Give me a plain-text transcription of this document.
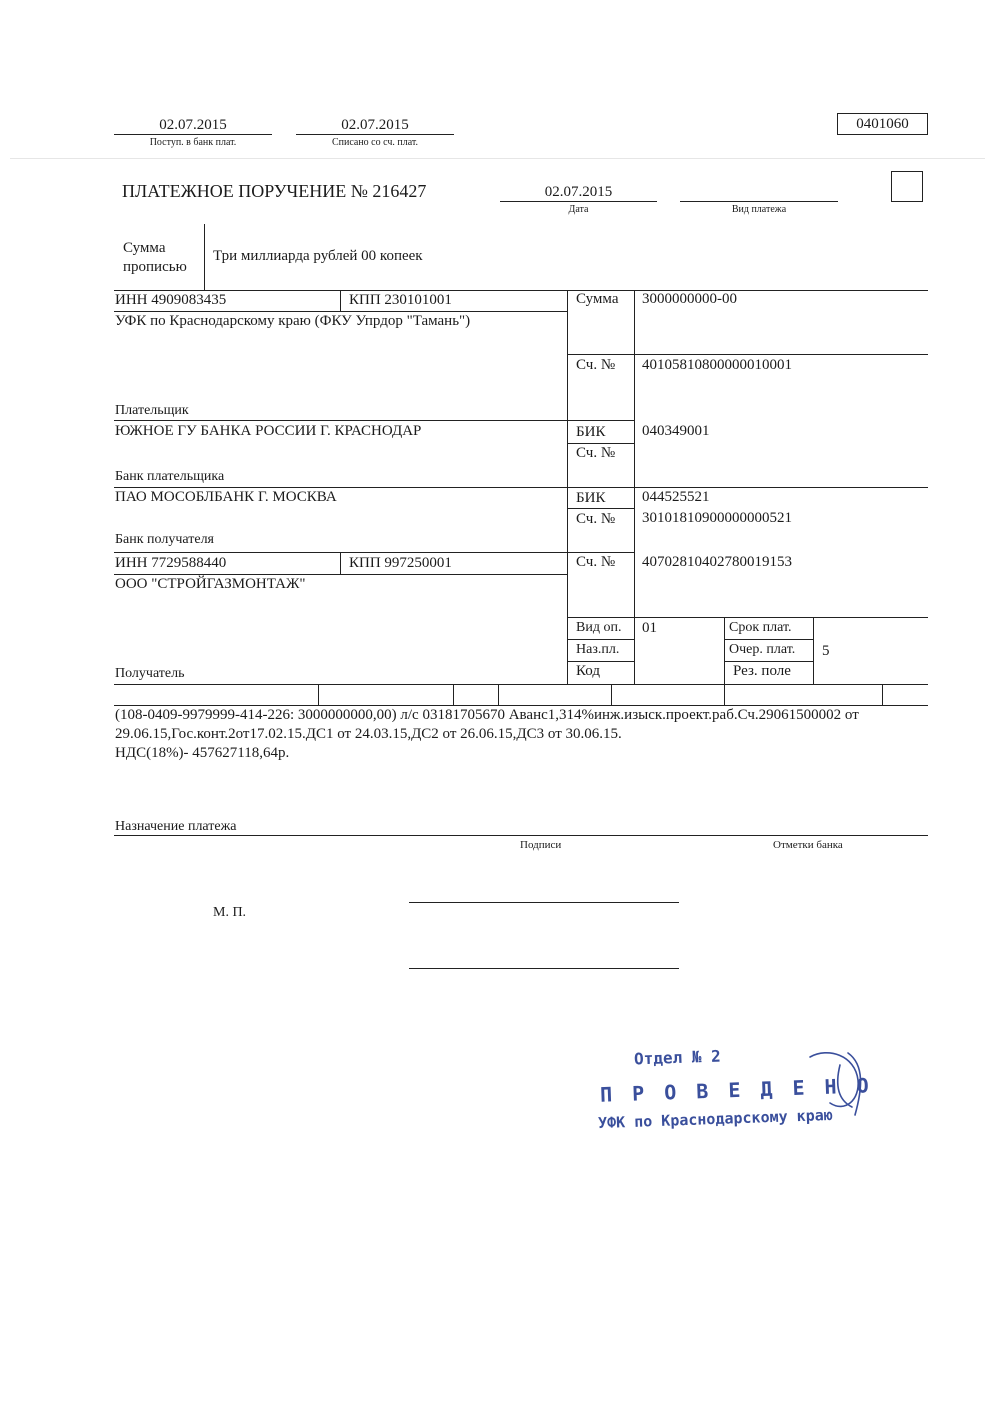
02.07.2015
Поступ. в банк плат.
02.07.2015
Списано со сч. плат.
0401060
ПЛАТЕЖНОЕ ПОРУЧЕНИЕ № 216427	02.07.2015
Дата	Вид платежа
Сумма прописью
Три миллиарда рублей 00 копеек
ИНН 4909083435	КПП 230101001
УФК по Краснодарскому краю (ФКУ Упрдор "Тамань")
Плательщик
Сумма 3000000000-00
Сч. № 40105810800000010001
ЮЖНОЕ ГУ БАНКА РОССИИ Г. КРАСНОДАР
Банк плательщика
БИК 040349001
Сч. №
ПАО МОСОБЛБАНК Г. МОСКВА
Банк получателя
БИК 044525521
Сч. № 30101810900000000521
ИНН 7729588440	КПП 997250001
ООО "СТРОЙГАЗМОНТАЖ"
Получатель
Сч. № 40702810402780019153
Вид оп. 01
Наз.пл.
Код
Срок плат.
Очер. плат. 5
Рез. поле
(108-0409-9979999-414-226: 3000000000,00) л/с 03181705670 Аванс1,314%инж.изыск.проект.раб.Сч.29061500002 от
29.06.15,Гос.конт.2от17.02.15.ДС1 от 24.03.15,ДС2 от 26.06.15,ДС3 от 30.06.15.
НДС(18%)- 457627118,64р.
Назначение платежа
Подписи	Отметки банка
М. П.
Отдел № 2
П Р О В Е Д Е Н О
УФК по Краснодарскому краю
